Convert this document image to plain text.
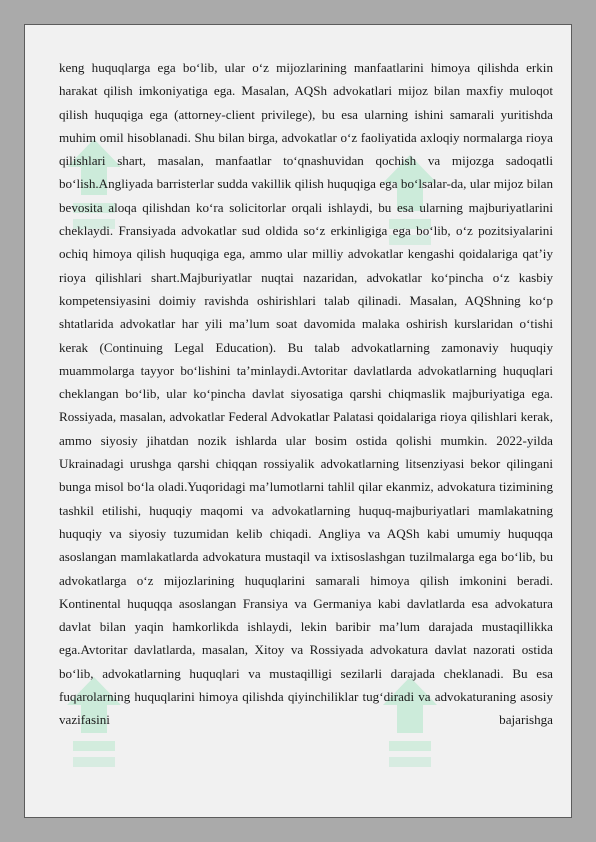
keng huquqlarga ega bo‘lib, ular o‘z mijozlarining manfaatlarini himoya qilishda erkin harakat qilish imkoniyatiga ega. Masalan, AQSh advokatlari mijoz bilan maxfiy muloqot qilish huquqiga ega (attorney-client privilege), bu esa ularning ishini samarali yuritishda muhim omil hisoblanadi. Shu bilan birga, advokatlar o‘z faoliyatida axloqiy normalarga rioya qilishlari shart, masalan, manfaatlar to‘qnashuvidan qochish va mijozga sadoqatli bo‘lish.Angliyada barristerlar sudda vakillik qilish huquqiga ega bo‘lsalar-da, ular mijoz bilan bevosita aloqa qilishdan ko‘ra solicitorlar orqali ishlaydi, bu esa ularning majburiyatlarini cheklaydi. Fransiyada advokatlar sud oldida so‘z erkinligiga ega bo‘lib, o‘z pozitsiyalarini ochiq himoya qilish huquqiga ega, ammo ular milliy advokatlar kengashi qoidalariga qat’iy rioya qilishlari shart.Majburiyatlar nuqtai nazaridan, advokatlar ko‘pincha o‘z kasbiy kompetensiyasini doimiy ravishda oshirishlari talab qilinadi. Masalan, AQShning ko‘p shtatlarida advokatlar har yili ma’lum soat davomida malaka oshirish kurslaridan o‘tishi kerak (Continuing Legal Education). Bu talab advokatlarning zamonaviy huquqiy muammolarga tayyor bo‘lishini ta’minlaydi.Avtoritar davlatlarda advokatlarning huquqlari cheklangan bo‘lib, ular ko‘pincha davlat siyosatiga qarshi chiqmaslik majburiyatiga ega. Rossiyada, masalan, advokatlar Federal Advokatlar Palatasi qoidalariga rioya qilishlari kerak, ammo siyosiy jihatdan nozik ishlarda ular bosim ostida qolishi mumkin. 2022-yilda Ukrainadagi urushga qarshi chiqqan rossiyalik advokatlarning litsenziyasi bekor qilingani bunga misol bo‘la oladi.Yuqoridagi ma’lumotlarni tahlil qilar ekanmiz, advokatura tizimining tashkil etilishi, huquqiy maqomi va advokatlarning huquq-majburiyatlari mamlakatning huquqiy va siyosiy tuzumidan kelib chiqadi. Angliya va AQSh kabi umumiy huquqqa asoslangan mamlakatlarda advokatura mustaqil va ixtisoslashgan tuzilmalarga ega bo‘lib, bu advokatlarga o‘z mijozlarining huquqlarini samarali himoya qilish imkonini beradi. Kontinental huquqqa asoslangan Fransiya va Germaniya kabi davlatlarda esa advokatura davlat bilan yaqin hamkorlikda ishlaydi, lekin baribir ma’lum darajada mustaqillikka ega.Avtoritar davlatlarda, masalan, Xitoy va Rossiyada advokatura davlat nazorati ostida bo‘lib, advokatlarning huquqlari va mustaqilligi sezilarli darajada cheklanadi. Bu esa fuqarolarning huquqlarini himoya qilishda qiyinchiliklar tug‘diradi va advokaturaning asosiy vazifasini bajarishga
